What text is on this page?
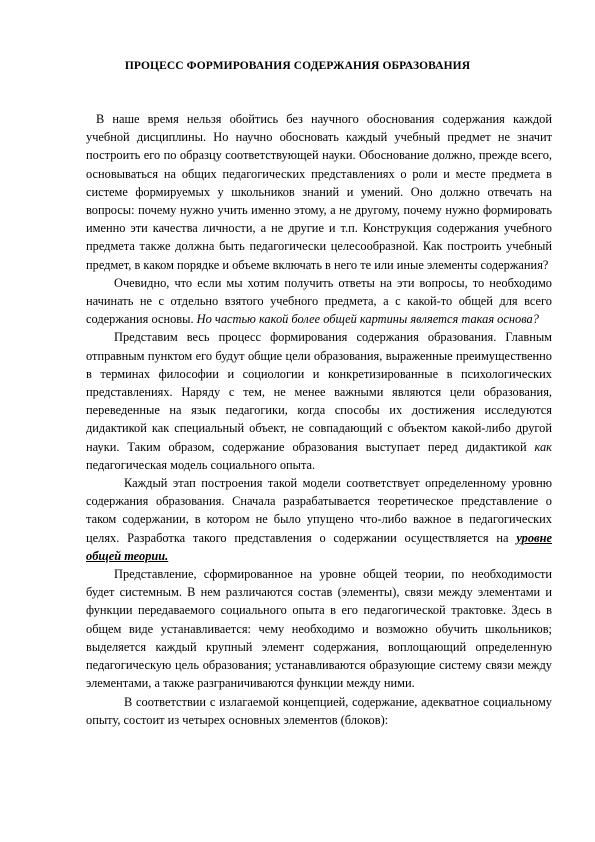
ПРОЦЕСС ФОРМИРОВАНИЯ СОДЕРЖАНИЯ ОБРАЗОВАНИЯ

В наше время нельзя обойтись без научного обоснования содержания каждой учебной дисциплины. Но научно обосновать каждый учебный предмет не значит построить его по образцу соответствующей науки. Обоснование должно, прежде всего, основываться на общих педагогических представлениях о роли и месте предмета в системе формируемых у школьников знаний и умений. Оно должно отвечать на вопросы: почему нужно учить именно этому, а не другому, почему нужно формировать именно эти качества личности, а не другие и т.п. Конструкция содержания учебного предмета также должна быть педагогически целесообразной. Как построить учебный предмет, в каком порядке и объеме включать в него те или иные элементы содержания?

Очевидно, что если мы хотим получить ответы на эти вопросы, то необходимо начинать не с отдельно взятого учебного предмета, а с какой-то общей для всего содержания основы. Но частью какой более общей картины является такая основа?

Представим весь процесс формирования содержания образования. Главным отправным пунктом его будут общие цели образования, выраженные преимущественно в терминах философии и социологии и конкретизированные в психологических представлениях. Наряду с тем, не менее важными являются цели образования, переведенные на язык педагогики, когда способы их достижения исследуются дидактикой как специальный объект, не совпадающий с объектом какой-либо другой науки. Таким образом, содержание образования выступает перед дидактикой как педагогическая модель социального опыта.

Каждый этап построения такой модели соответствует определенному уровню содержания образования. Сначала разрабатывается теоретическое представление о таком содержании, в котором не было упущено что-либо важное в педагогических целях. Разработка такого представления о содержании осуществляется на уровне общей теории.

Представление, сформированное на уровне общей теории, по необходимости будет системным. В нем различаются состав (элементы), связи между элементами и функции передаваемого социального опыта в его педагогической трактовке. Здесь в общем виде устанавливается: чему необходимо и возможно обучить школьников; выделяется каждый крупный элемент содержания, воплощающий определенную педагогическую цель образования; устанавливаются образующие систему связи между элементами, а также разграничиваются функции между ними.

В соответствии с излагаемой концепцией, содержание, адекватное социальному опыту, состоит из четырех основных элементов (блоков):
